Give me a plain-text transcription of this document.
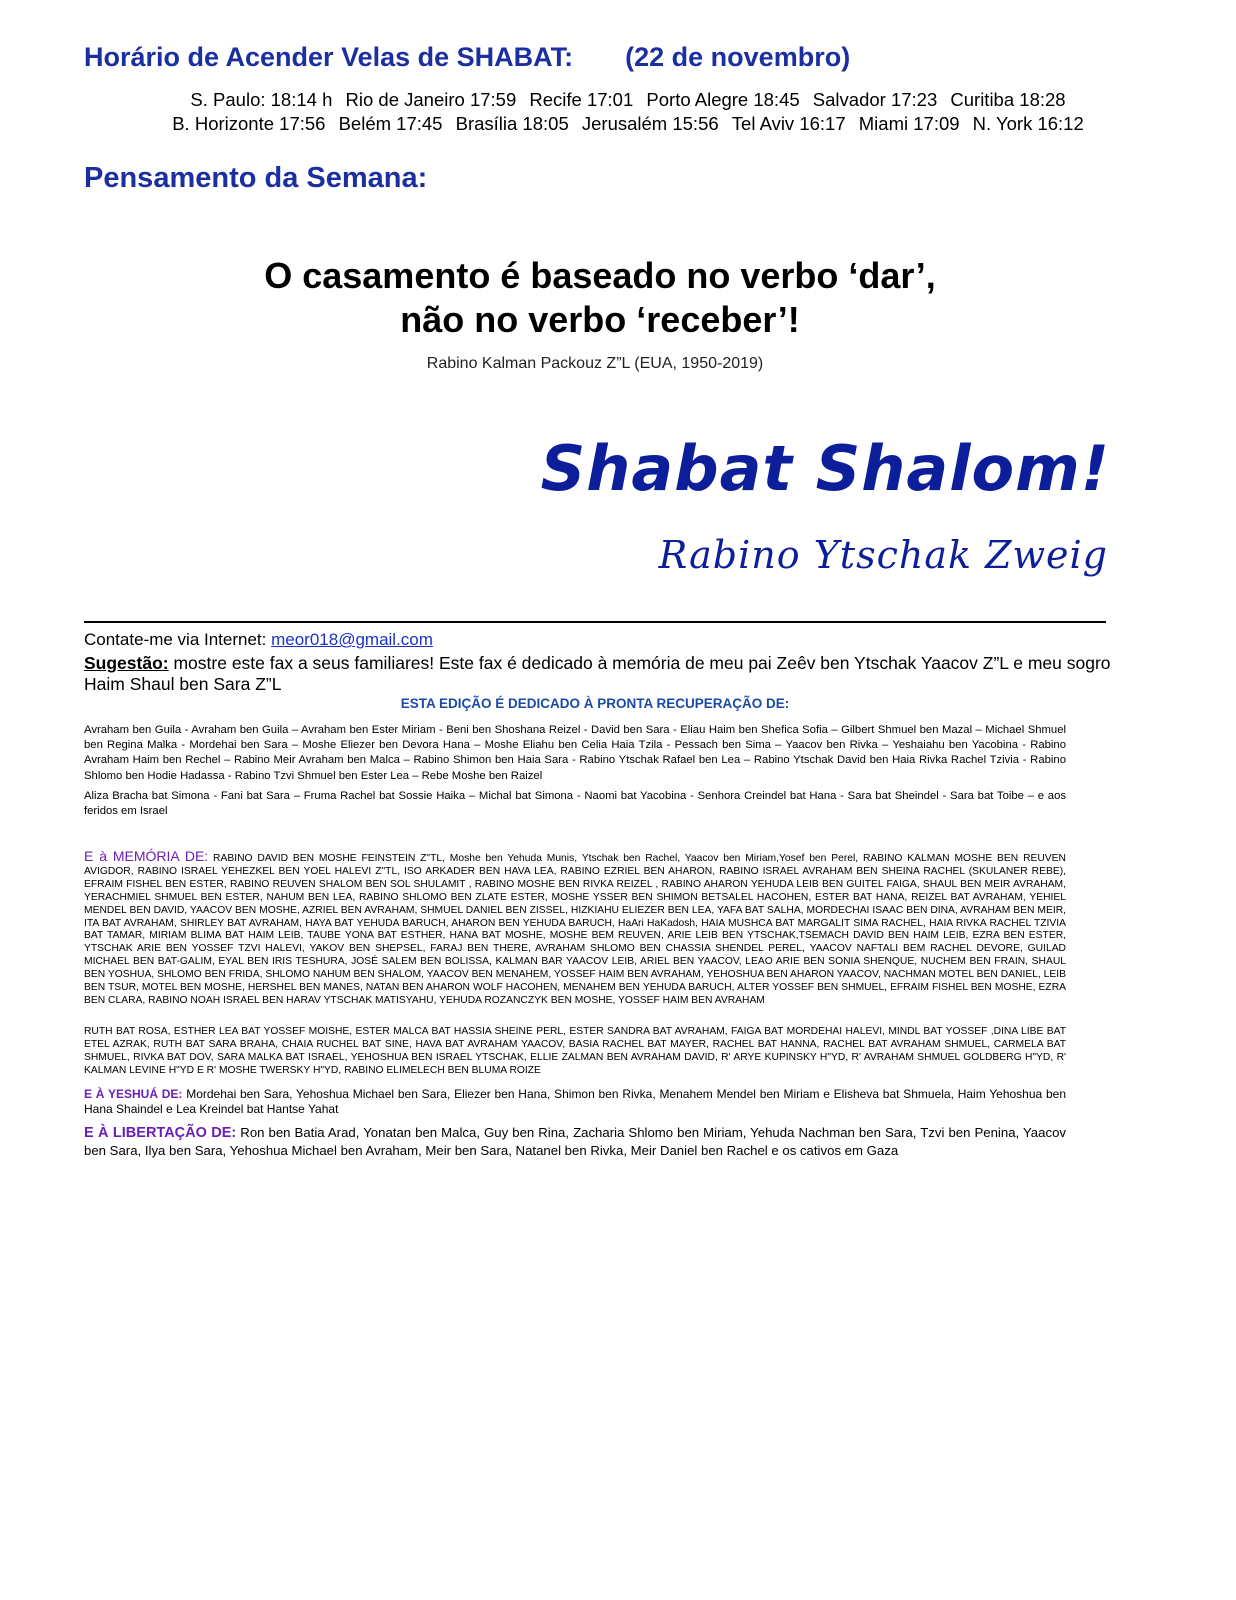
Horário de Acender Velas de SHABAT: (22 de novembro)
S. Paulo: 18:14 h Rio de Janeiro 17:59 Recife 17:01 Porto Alegre 18:45 Salvador 17:23 Curitiba 18:28
B. Horizonte 17:56 Belém 17:45 Brasília 18:05 Jerusalém 15:56 Tel Aviv 16:17 Miami 17:09 N. York 16:12
Pensamento da Semana:
O casamento é baseado no verbo ‘dar’,
não no verbo ‘receber’!
Rabino Kalman Packouz Z”L (EUA, 1950-2019)
Shabat Shalom!
Rabino Ytschak Zweig
Contate-me via Internet: meor018@gmail.com
Sugestão: mostre este fax a seus familiares! Este fax é dedicado à memória de meu pai Zeêv ben Ytschak Yaacov Z”L e meu sogro Haim Shaul ben Sara Z”L
ESTA EDIÇÃO É DEDICADO À PRONTA RECUPERAÇÃO DE:
Avraham ben Guila - Avraham ben Guila – Avraham ben Ester Miriam - Beni ben Shoshana Reizel - David ben Sara - Eliau Haim ben Shefica Sofia – Gilbert Shmuel ben Mazal – Michael Shmuel ben Regina Malka - Mordehai ben Sara – Moshe Eliezer ben Devora Hana – Moshe Eliahu ben Celia Haia Tzila - Pessach ben Sima – Yaacov ben Rivka – Yeshaiahu ben Yacobina - Rabino Avraham Haim ben Rechel – Rabino Meir Avraham ben Malca – Rabino Shimon ben Haia Sara - Rabino Ytschak Rafael ben Lea – Rabino Ytschak David ben Haia Rivka Rachel Tzivia - Rabino Shlomo ben Hodie Hadassa - Rabino Tzvi Shmuel ben Ester Lea – Rebe Moshe ben Raizel
Aliza Bracha bat Simona - Fani bat Sara – Fruma Rachel bat Sossie Haika – Michal bat Simona - Naomi bat Yacobina - Senhora Creindel bat Hana - Sara bat Sheindel - Sara bat Toibe – e aos feridos em Israel
E à MEMÓRIA DE: RABINO DAVID BEN MOSHE FEINSTEIN Z"TL, Moshe ben Yehuda Munis, Ytschak ben Rachel, Yaacov ben Miriam,Yosef ben Perel, RABINO KALMAN MOSHE BEN REUVEN AVIGDOR, RABINO ISRAEL YEHEZKEL BEN YOEL HALEVI Z"TL, ISO ARKADER BEN HAVA LEA, RABINO EZRIEL BEN AHARON, RABINO ISRAEL AVRAHAM BEN SHEINA RACHEL (SKULANER REBE), EFRAIM FISHEL BEN ESTER, RABINO REUVEN SHALOM BEN SOL SHULAMIT , RABINO MOSHE BEN RIVKA REIZEL , RABINO AHARON YEHUDA LEIB BEN GUITEL FAIGA, SHAUL BEN MEIR AVRAHAM, YERACHMIEL SHMUEL BEN ESTER, NAHUM BEN LEA, RABINO SHLOMO BEN ZLATE ESTER, MOSHE YSSER BEN SHIMON BETSALEL HACOHEN, ESTER BAT HANA, REIZEL BAT AVRAHAM, YEHIEL MENDEL BEN DAVID, YAACOV BEN MOSHE, AZRIEL BEN AVRAHAM, SHMUEL DANIEL BEN ZISSEL, HIZKIAHU ELIEZER BEN LEA, YAFA BAT SALHA, MORDECHAI ISAAC BEN DINA, AVRAHAM BEN MEIR, ITA BAT AVRAHAM, SHIRLEY BAT AVRAHAM, HAYA BAT YEHUDA BARUCH, AHARON BEN YEHUDA BARUCH, HaAri HaKadosh, HAIA MUSHCA BAT MARGALIT SIMA RACHEL, HAIA RIVKA RACHEL TZIVIA BAT TAMAR, MIRIAM BLIMA BAT HAIM LEIB, TAUBE YONA BAT ESTHER, HANA BAT MOSHE, MOSHE BEM REUVEN, ARIE LEIB BEN YTSCHAK,TSEMACH DAVID BEN HAIM LEIB, EZRA BEN ESTER, YTSCHAK ARIE BEN YOSSEF TZVI HALEVI, YAKOV BEN SHEPSEL, FARAJ BEN THERE, AVRAHAM SHLOMO BEN CHASSIA SHENDEL PEREL, YAACOV NAFTALI BEM RACHEL DEVORE, GUILAD MICHAEL BEN BAT-GALIM, EYAL BEN IRIS TESHURA, JOSÉ SALEM BEN BOLISSA, KALMAN BAR YAACOV LEIB, ARIEL BEN YAACOV, LEAO ARIE BEN SONIA SHENQUE, NUCHEM BEN FRAIN, SHAUL BEN YOSHUA, SHLOMO BEN FRIDA, SHLOMO NAHUM BEN SHALOM, YAACOV BEN MENAHEM, YOSSEF HAIM BEN AVRAHAM, YEHOSHUA BEN AHARON YAACOV, NACHMAN MOTEL BEN DANIEL, LEIB BEN TSUR, MOTEL BEN MOSHE, HERSHEL BEN MANES, NATAN BEN AHARON WOLF HACOHEN, MENAHEM BEN YEHUDA BARUCH, ALTER YOSSEF BEN SHMUEL, EFRAIM FISHEL BEN MOSHE, EZRA BEN CLARA, RABINO NOAH ISRAEL BEN HARAV YTSCHAK MATISYAHU, YEHUDA ROZANCZYK BEN MOSHE, YOSSEF HAIM BEN AVRAHAM
RUTH BAT ROSA, ESTHER LEA BAT YOSSEF MOISHE, ESTER MALCA BAT HASSIA SHEINE PERL, ESTER SANDRA BAT AVRAHAM, FAIGA BAT MORDEHAI HALEVI, MINDL BAT YOSSEF ,DINA LIBE BAT ETEL AZRAK, RUTH BAT SARA BRAHA, CHAIA RUCHEL BAT SINE, HAVA BAT AVRAHAM YAACOV, BASIA RACHEL BAT MAYER, RACHEL BAT HANNA, RACHEL BAT AVRAHAM SHMUEL, CARMELA BAT SHMUEL, RIVKA BAT DOV, SARA MALKA BAT ISRAEL, YEHOSHUA BEN ISRAEL YTSCHAK, ELLIE ZALMAN BEN AVRAHAM DAVID, R' ARYE KUPINSKY H"YD, R' AVRAHAM SHMUEL GOLDBERG H"YD, R' KALMAN LEVINE H"YD E R' MOSHE TWERSKY H"YD, RABINO ELIMELECH BEN BLUMA ROIZE
E À YESHUÁ DE: Mordehai ben Sara, Yehoshua Michael ben Sara, Eliezer ben Hana, Shimon ben Rivka, Menahem Mendel ben Miriam e Elisheva bat Shmuela, Haim Yehoshua ben Hana Shaindel e Lea Kreindel bat Hantse Yahat
E À LIBERTAÇÃO DE: Ron ben Batia Arad, Yonatan ben Malca, Guy ben Rina, Zacharia Shlomo ben Miriam, Yehuda Nachman ben Sara, Tzvi ben Penina, Yaacov ben Sara, Ilya ben Sara, Yehoshua Michael ben Avraham, Meir ben Sara, Natanel ben Rivka, Meir Daniel ben Rachel e os cativos em Gaza
